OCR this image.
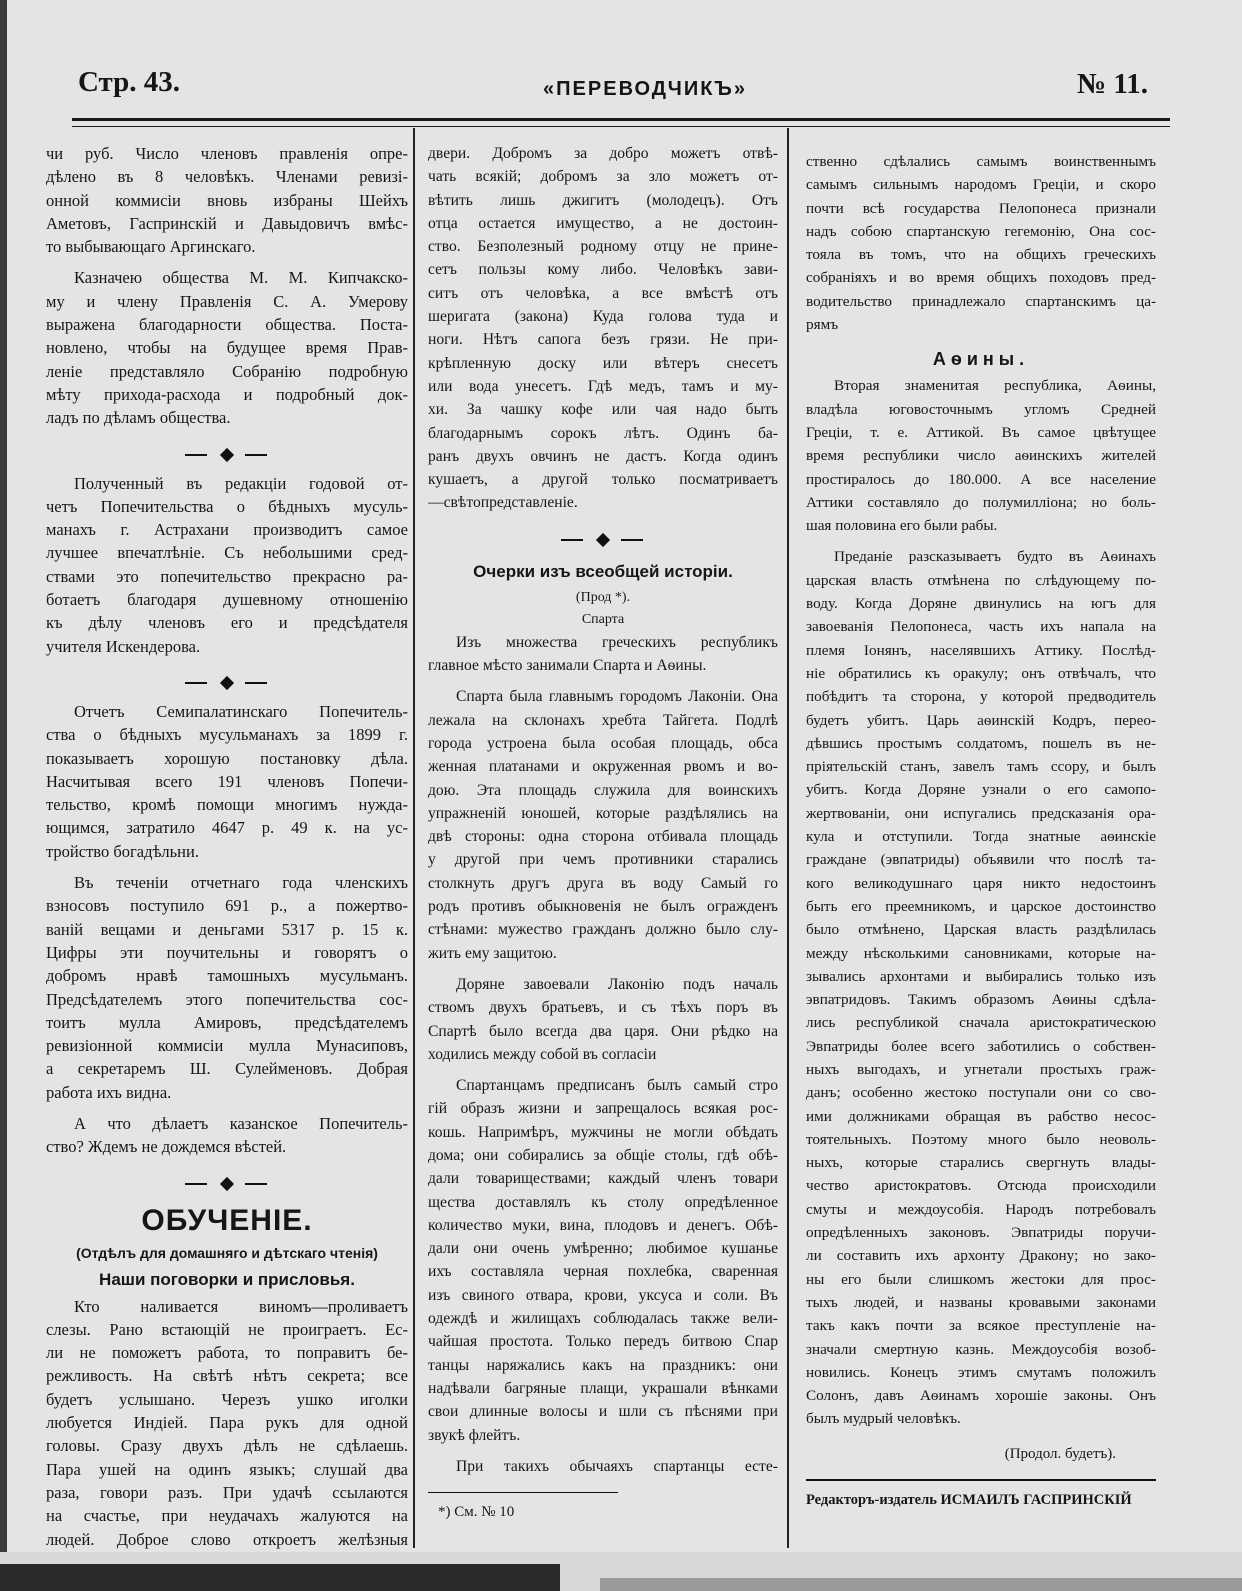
Стр. 43.	«ПЕРЕВОДЧИКЪ»	№ 11.
чи руб. Число членовъ правленія опре-
дѣлено въ 8 человѣкъ. Членами ревизі-
онной коммисіи вновь избраны Шейхъ
Аметовъ, Гаспринскій и Давыдовичъ вмѣс-
то выбывающаго Аргинскаго.
Казначею общества М. М. Кипчакско-
му и члену Правленія С. А. Умерову
выражена благодарности общества. Поста-
новлено, чтобы на будущее время Прав-
леніе представляло Собранію подробную
мѣту прихода-расхода и подробный док-
ладъ по дѣламъ общества.
Полученный въ редакціи годовой от-
четъ Попечительства о бѣдныхъ мусуль-
манахъ г. Астрахани производитъ самое
лучшее впечатлѣніе. Съ небольшими сред-
ствами это попечительство прекрасно ра-
ботаетъ благодаря душевному отношенію
къ дѣлу членовъ его и предсѣдателя
учителя Искендерова.
Отчетъ Семипалатинскаго Попечитель-
ства о бѣдныхъ мусульманахъ за 1899 г.
показываетъ хорошую постановку дѣла.
Насчитывая всего 191 членовъ Попечи-
тельство, кромѣ помощи многимъ нужда-
ющимся, затратило 4647 р. 49 к. на ус-
тройство богадѣльни.
Въ теченіи отчетнаго года членскихъ
взносовъ поступило 691 р., а пожертво-
ваній вещами и деньгами 5317 р. 15 к.
Цифры эти поучительны и говорятъ о
добромъ нравѣ тамошныхъ мусульманъ.
Предсѣдателемъ этого попечительства сос-
тоитъ мулла Амировъ, предсѣдателемъ
ревизіонной коммисіи мулла Мунасиповъ,
а секретаремъ Ш. Сулейменовъ. Добрая
работа ихъ видна.
А что дѣлаетъ казанское Попечитель-
ство? Ждемъ не дождемся вѣстей.
ОБУЧЕНІЕ.
(Отдѣлъ для домашняго и дѣтскаго чтенія)
Наши поговорки и присловья.
Кто наливается виномъ—проливаетъ
слезы. Рано встающій не проиграетъ. Ес-
ли не поможетъ работа, то поправитъ бе-
режливость. На свѣтѣ нѣтъ секрета; все
будетъ услышано. Черезъ ушко иголки
любуется Индіей. Пара рукъ для одной
головы. Сразу двухъ дѣлъ не сдѣлаешь.
Пара ушей на одинъ языкъ; слушай два
раза, говори разъ. При удачѣ ссылаются
на счастье, при неудачахъ жалуются на
людей. Доброе слово откроетъ желѣзныя
двери. Добромъ за добро можетъ отвѣ-
чать всякій; добромъ за зло можетъ от-
вѣтить лишь джигитъ (молодецъ). Отъ
отца остается имущество, а не достоин-
ство. Безполезный родному отцу не прине-
сетъ пользы кому либо. Человѣкъ зави-
ситъ отъ человѣка, а все вмѣстѣ отъ
шеригата (закона) Куда голова туда и
ноги. Нѣтъ сапога безъ грязи. Не при-
крѣпленную доску или вѣтеръ снесетъ
или вода унесетъ. Гдѣ медъ, тамъ и му-
хи. За чашку кофе или чая надо быть
благодарнымъ сорокъ лѣтъ. Одинъ ба-
ранъ двухъ овчинъ не дастъ. Когда одинъ
кушаетъ, а другой только посматриваетъ
—свѣтопредставленіе.
Очерки изъ всеобщей исторіи.
(Прод *).
Спарта
Изъ множества греческихъ республикъ
главное мѣсто занимали Спарта и Аѳины.
Спарта была главнымъ городомъ Лаконіи. Она
лежала на склонахъ хребта Тайгета. Подлѣ
города устроена была особая площадь, обса
женная платанами и окруженная рвомъ и во-
дою. Эта площадь служила для воинскихъ
упражненій юношей, которые раздѣлялись на
двѣ стороны: одна сторона отбивала площадь
у другой при чемъ противники старались
столкнуть другъ друга въ воду Самый го
родъ противъ обыкновенія не былъ огражденъ
стѣнами: мужество гражданъ должно было слу-
жить ему защитою.
Доряне завоевали Лаконію подъ началь
ствомъ двухъ братьевъ, и съ тѣхъ поръ въ
Спартѣ было всегда два царя. Они рѣдко на
ходились между собой въ согласіи
Спартанцамъ предписанъ былъ самый стро
гій образъ жизни и запрещалось всякая рос-
кошь. Напримѣръ, мужчины не могли обѣдать
дома; они собирались за общіе столы, гдѣ обѣ-
дали товариществами; каждый членъ товари
щества доставлялъ къ столу опредѣленное
количество муки, вина, плодовъ и денегъ. Обѣ-
дали они очень умѣренно; любимое кушанье
ихъ составляла черная похлебка, сваренная
изъ свиного отвара, крови, уксуса и соли. Въ
одеждѣ и жилищахъ соблюдалась также вели-
чайшая простота. Только передъ битвою Спар
танцы наряжались какъ на праздникъ: они
надѣвали багряные плащи, украшали вѣнками
свои длинные волосы и шли съ пѣснями при
звукѣ флейтъ.
При такихъ обычаяхъ спартанцы есте-
*) См. № 10
ственно сдѣлались самымъ воинственнымъ
самымъ сильнымъ народомъ Греціи, и скоро
почти всѣ государства Пелопонеса признали
надъ собою спартанскую гегемонію, Она сос-
тояла въ томъ, что на общихъ греческихъ
собраніяхъ и во время общихъ походовъ пред-
водительство принадлежало спартанскимъ ца-
рямъ
Аѳины.
Вторая знаменитая республика, Аѳины,
владѣла юговосточнымъ угломъ Средней
Греціи, т. е. Аттикой. Въ самое цвѣтущее
время республики число аѳинскихъ жителей
простиралось до 180.000. А все население
Аттики составляло до полумилліона; но боль-
шая половина его были рабы.
Преданіе разсказываетъ будто въ Аѳинахъ
царская власть отмѣнена по слѣдующему по-
воду. Когда Доряне двинулись на югъ для
завоеванія Пелопонеса, часть ихъ напала на
племя Іонянъ, населявшихъ Аттику. Послѣд-
ніе обратились къ оракулу; онъ отвѣчалъ, что
побѣдитъ та сторона, у которой предводитель
будетъ убитъ. Царь аѳинскій Кодръ, перео-
дѣвшись простымъ солдатомъ, пошелъ въ не-
пріятельскій станъ, завелъ тамъ ссору, и былъ
убитъ. Когда Доряне узнали о его самопо-
жертвованіи, они испугались предсказанія ора-
кула и отступили. Тогда знатные аѳинскіе
граждане (эвпатриды) объявили что послѣ та-
кого великодушнаго царя никто недостоинъ
быть его преемникомъ, и царское достоинство
было отмѣнено, Царская власть раздѣлилась
между нѣсколькими сановниками, которые на-
зывались архонтами и выбирались только изъ
эвпатридовъ. Такимъ образомъ Аѳины сдѣла-
лись республикой сначала аристократическою
Эвпатриды более всего заботились о собствен-
ныхъ выгодахъ, и угнетали простыхъ граж-
данъ; особенно жестоко поступали они со сво-
ими должниками обращая въ рабство несос-
тоятельныхъ. Поэтому много было неоволь-
ныхъ, которые старались свергнуть влады-
чество аристократовъ. Отсюда происходили
смуты и междоусобія. Народъ потребовалъ
опредѣленныхъ законовъ. Эвпатриды поручи-
ли составить ихъ архонту Дракону; но зако-
ны его были слишкомъ жестоки для прос-
тыхъ людей, и названы кровавыми законами
такъ какъ почти за всякое преступленіе на-
значали смертную казнь. Междоусобія возоб-
новились. Конецъ этимъ смутамъ положилъ
Солонъ, давъ Аѳинамъ хорошіе законы. Онъ
былъ мудрый человѣкъ.
(Продол. будетъ).
Редакторъ-издатель ИСМАИЛЪ ГАСПРИНСКІЙ
